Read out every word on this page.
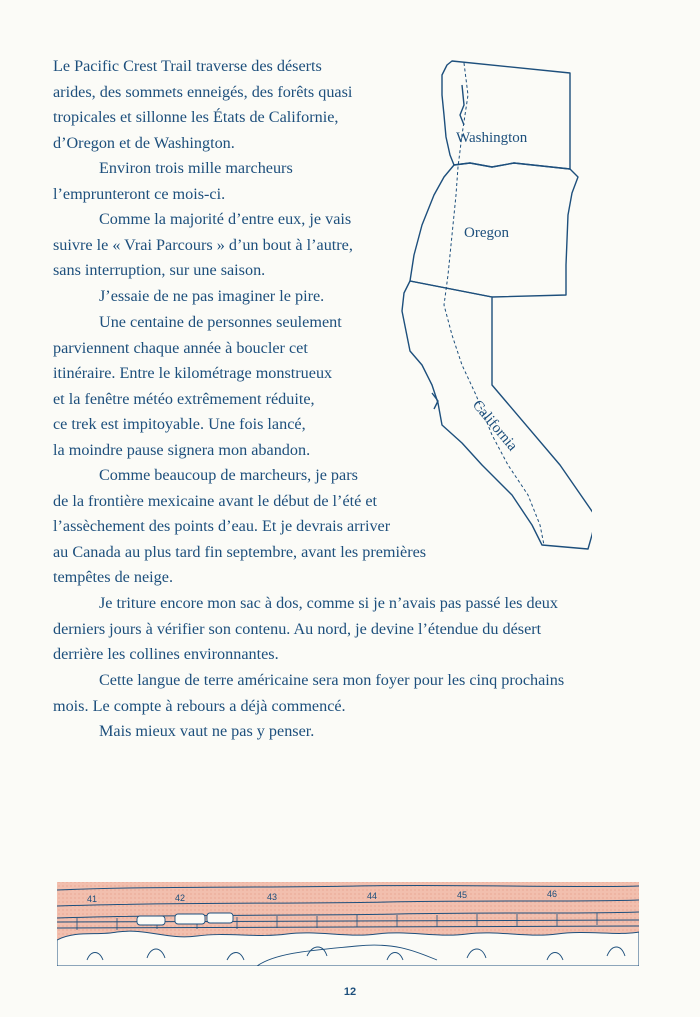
Le Pacific Crest Trail traverse des déserts
arides, des sommets enneigés, des forêts quasi
tropicales et sillonne les États de Californie,
d’Oregon et de Washington.

Environ trois mille marcheurs
l’emprunteront ce mois-ci.

Comme la majorité d’entre eux, je vais
suivre le « Vrai Parcours » d’un bout à l’autre,
sans interruption, sur une saison.

J’essaie de ne pas imaginer le pire.

Une centaine de personnes seulement
parviennent chaque année à boucler cet
itinéraire. Entre le kilométrage monstrueux
et la fenêtre météo extrêmement réduite,
ce trek est impitoyable. Une fois lancé,
la moindre pause signera mon abandon.

Comme beaucoup de marcheurs, je pars
de la frontière mexicaine avant le début de l’été et
l’assèchement des points d’eau. Et je devrais arriver
au Canada au plus tard fin septembre, avant les premières
tempêtes de neige.

Je triture encore mon sac à dos, comme si je n’avais pas passé les deux
derniers jours à vérifier son contenu. Au nord, je devine l’étendue du désert
derrière les collines environnantes.

Cette langue de terre américaine sera mon foyer pour les cinq prochains
mois. Le compte à rebours a déjà commencé.

Mais mieux vaut ne pas y penser.

Washington
Oregon
California
41	42	43	44	45	46
12
